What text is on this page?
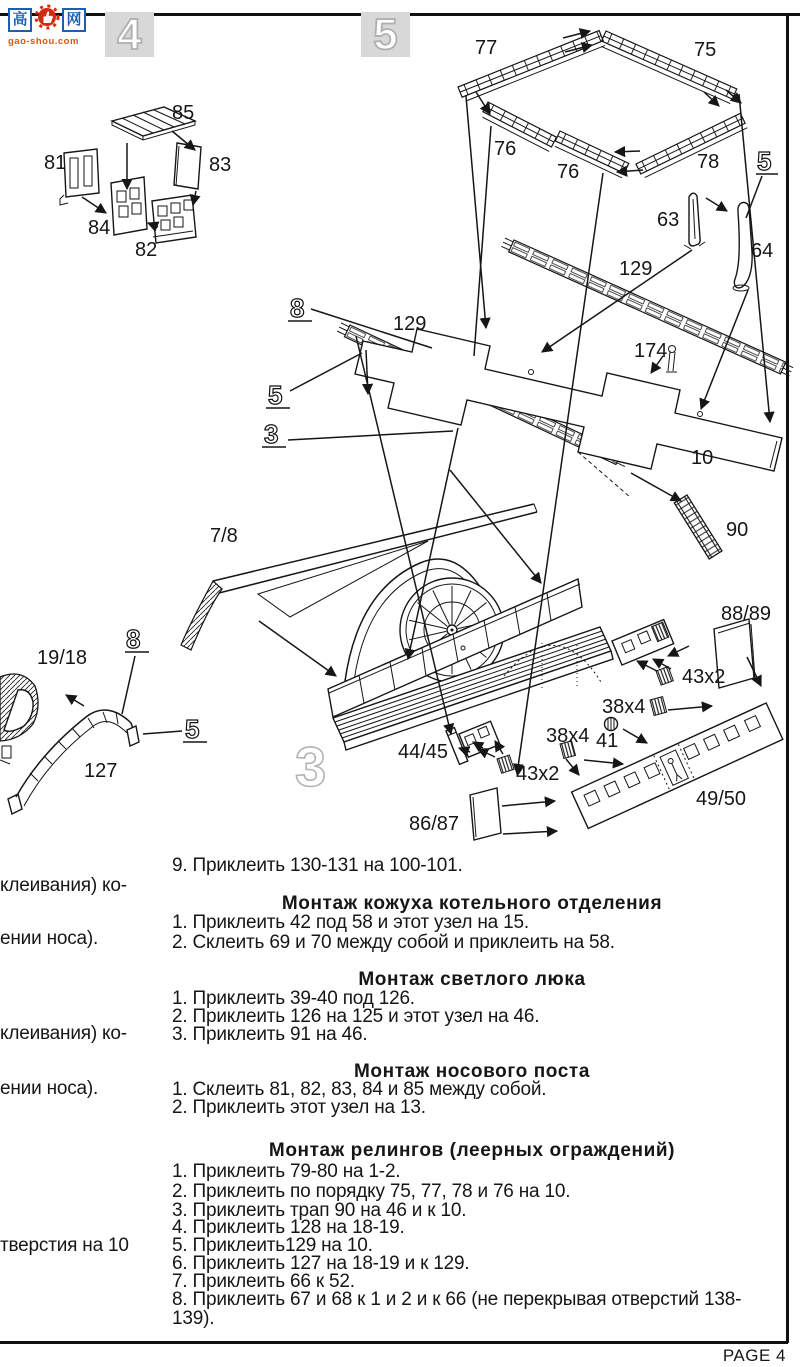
高	网
gao-shou.com 4	5
85
81	83
84
82
77	75
76
76	78
63
64
129
129
174
10
90
7/8
19/18
127
88/89
43x2
38x4
41
38x4
44/45
43x2
86/87
49/50
5
8
5
3
8
5
3
9. Приклеить 130-131 на 100-101.
Монтаж кожуха котельного отделения
1. Приклеить 42 под 58 и этот узел на 15.
2. Склеить 69 и 70 между собой и приклеить на 58.
Монтаж светлого люка
1. Приклеить 39-40 под 126.
2. Приклеить 126 на 125 и этот узел на 46.
3. Приклеить 91 на 46.
Монтаж носового поста
1. Склеить 81, 82, 83, 84 и 85 между собой.
2. Приклеить этот узел на 13.
Монтаж релингов (леерных ограждений)
1. Приклеить 79-80 на 1-2.
2. Приклеить по порядку 75, 77, 78 и 76 на 10.
3. Приклеить трап 90 на 46 и к 10.
4. Приклеить 128 на 18-19.
5. Приклеить129 на 10.
6. Приклеить 127 на 18-19 и к 129.
7. Приклеить 66 к 52.
8. Приклеить 67 и 68 к 1 и 2 и к 66 (не перекрывая отверстий 138-139).
клеивания) ко-
ении носа).
клеивания) ко-
ении носа).
тверстия на 10
PAGE 4
